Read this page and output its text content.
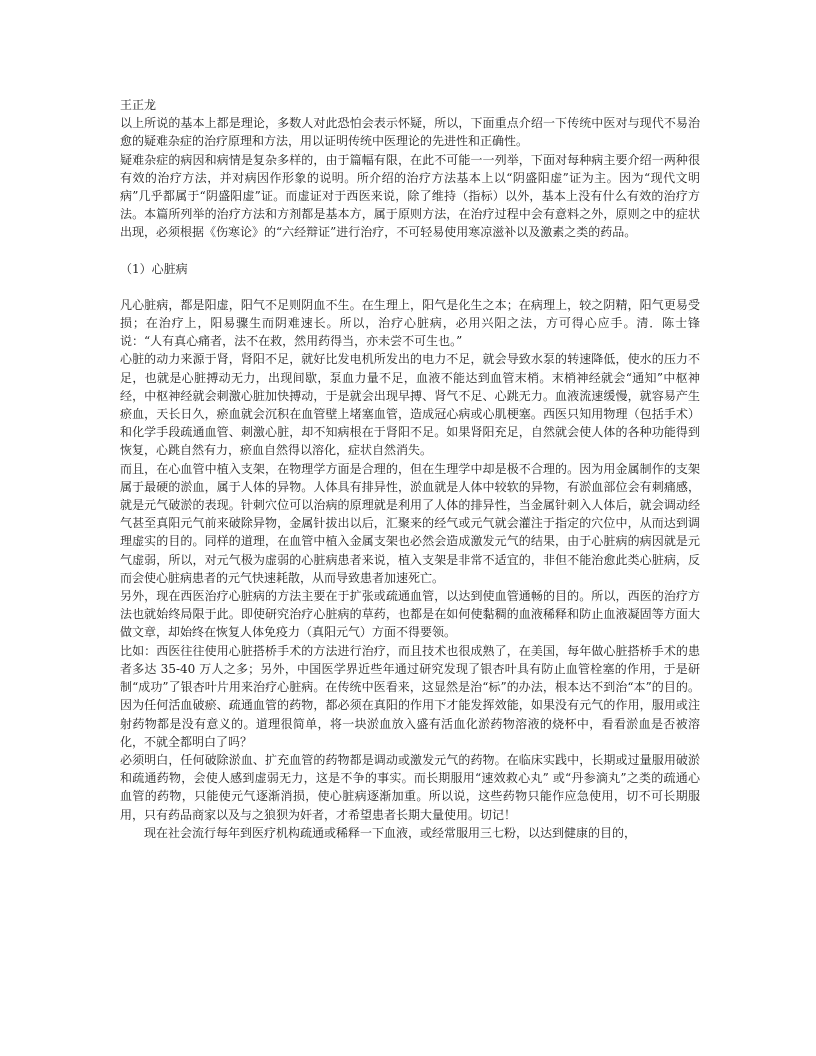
王正龙

以上所说的基本上都是理论，多数人对此恐怕会表示怀疑，所以，下面重点介绍一下传统中医对与现代不易治愈的疑难杂症的治疗原理和方法，用以证明传统中医理论的先进性和正确性。

疑难杂症的病因和病情是复杂多样的，由于篇幅有限，在此不可能一一列举，下面对每种病主要介绍一两种很有效的治疗方法，并对病因作形象的说明。所介绍的治疗方法基本上以“阴盛阳虚”证为主。因为“现代文明病”几乎都属于“阴盛阳虚”证。而虚证对于西医来说，除了维持（指标）以外，基本上没有什么有效的治疗方法。本篇所列举的治疗方法和方剂都是基本方，属于原则方法，在治疗过程中会有意料之外，原则之中的症状出现，必须根据《伤寒论》的“六经辩证”进行治疗，不可轻易使用寒凉滋补以及激素之类的药品。

（1）心脏病

凡心脏病，都是阳虚，阳气不足则阴血不生。在生理上，阳气是化生之本；在病理上，较之阴精，阳气更易受损；在治疗上，阳易骤生而阴难速长。所以，治疗心脏病，必用兴阳之法，方可得心应手。清．陈士锋说：“人有真心痛者，法不在救，然用药得当，亦未尝不可生也。”

心脏的动力来源于肾，肾阳不足，就好比发电机所发出的电力不足，就会导致水泵的转速降低，使水的压力不足，也就是心脏搏动无力，出现间歇，泵血力量不足，血液不能达到血管末梢。末梢神经就会“通知”中枢神经，中枢神经就会刺激心脏加快搏动，于是就会出现早搏、肾气不足、心跳无力。血液流速缓慢，就容易产生瘀血，天长日久，瘀血就会沉积在血管壁上堵塞血管，造成冠心病或心肌梗塞。西医只知用物理（包括手术）和化学手段疏通血管、刺激心脏，却不知病根在于肾阳不足。如果肾阳充足，自然就会使人体的各种功能得到恢复，心跳自然有力，瘀血自然得以溶化，症状自然消失。

而且，在心血管中植入支架，在物理学方面是合理的，但在生理学中却是极不合理的。因为用金属制作的支架属于最硬的淤血，属于人体的异物。人体具有排异性，淤血就是人体中较软的异物，有淤血部位会有刺痛感，就是元气破淤的表现。针刺穴位可以治病的原理就是利用了人体的排异性，当金属针刺入人体后，就会调动经气甚至真阳元气前来破除异物，金属针拔出以后，汇聚来的经气或元气就会灌注于指定的穴位中，从而达到调理虚实的目的。同样的道理，在血管中植入金属支架也必然会造成激发元气的结果，由于心脏病的病因就是元气虚弱，所以，对元气极为虚弱的心脏病患者来说，植入支架是非常不适宜的，非但不能治愈此类心脏病，反而会使心脏病患者的元气快速耗散，从而导致患者加速死亡。

另外，现在西医治疗心脏病的方法主要在于扩张或疏通血管，以达到使血管通畅的目的。所以，西医的治疗方法也就始终局限于此。即使研究治疗心脏病的草药，也都是在如何使黏稠的血液稀释和防止血液凝固等方面大做文章，却始终在恢复人体免疫力（真阳元气）方面不得要领。

比如：西医往往使用心脏搭桥手术的方法进行治疗，而且技术也很成熟了，在美国，每年做心脏搭桥手术的患者多达 35-40 万人之多；另外，中国医学界近些年通过研究发现了银杏叶具有防止血管栓塞的作用，于是研制“成功”了银杏叶片用来治疗心脏病。在传统中医看来，这显然是治“标”的办法，根本达不到治“本”的目的。因为任何活血破瘀、疏通血管的药物，都必须在真阳的作用下才能发挥效能，如果没有元气的作用，服用或注射药物都是没有意义的。道理很简单，将一块淤血放入盛有活血化淤药物溶液的烧杯中，看看淤血是否被溶化，不就全都明白了吗？

必须明白，任何破除淤血、扩充血管的药物都是调动或激发元气的药物。在临床实践中，长期或过量服用破淤和疏通药物，会使人感到虚弱无力，这是不争的事实。而长期服用“速效救心丸” 或“丹参滴丸”之类的疏通心血管的药物，只能使元气逐渐消损，使心脏病逐渐加重。所以说，这些药物只能作应急使用，切不可长期服用，只有药品商家以及与之狼狈为奸者，才希望患者长期大量使用。切记！

现在社会流行每年到医疗机构疏通或稀释一下血液，或经常服用三七粉，以达到健康的目的，
